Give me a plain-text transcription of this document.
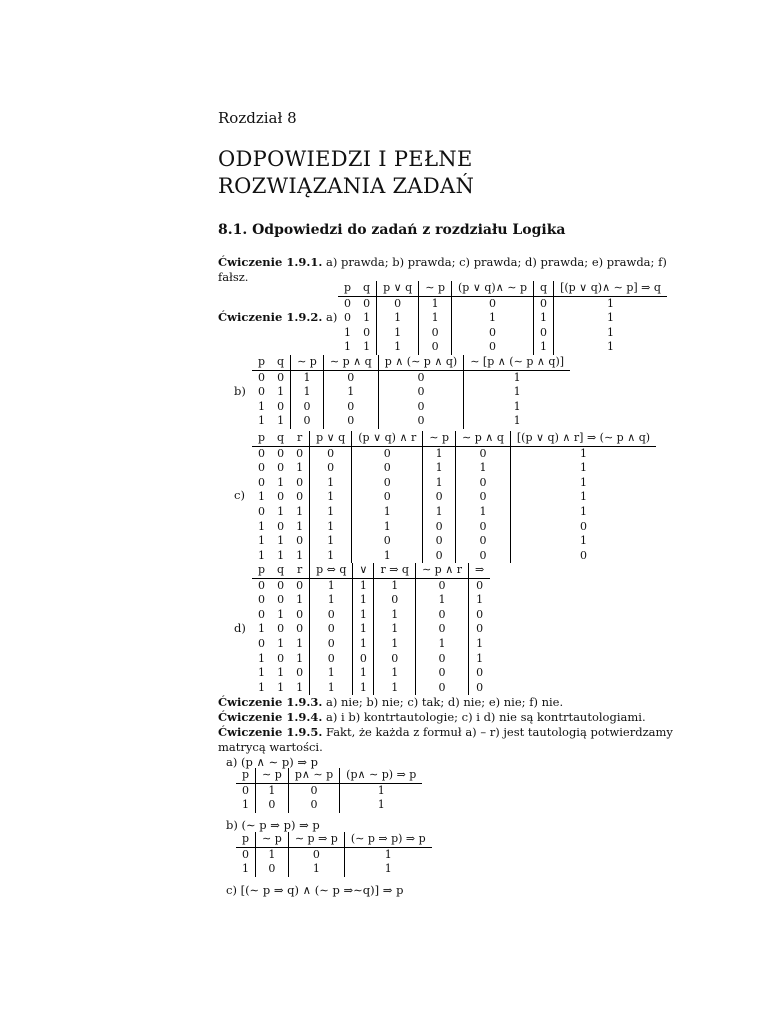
Rozdział 8
ODPOWIEDZI I PEŁNE
ROZWIĄZANIA ZADAŃ
8.1. Odpowiedzi do zadań z rozdziału Logika
Ćwiczenie 1.9.1. a) prawda; b) prawda; c) prawda; d) prawda; e) prawda; f)
fałsz.
Ćwiczenie 1.9.2. a)
p	q	p ∨ q	∼ p	(p ∨ q)∧ ∼ p	q	[(p ∨ q)∧ ∼ p] ⇒ q
0	0	0	1	0	0	1
0	1	1	1	1	1	1
1	0	1	0	0	0	1
1	1	1	0	0	1	1
b)
p	q	∼ p	∼ p ∧ q	p ∧ (∼ p ∧ q)	∼ [p ∧ (∼ p ∧ q)]
0	0	1	0	0	1
0	1	1	1	0	1
1	0	0	0	0	1
1	1	0	0	0	1
c)
p	q	r	p ∨ q	(p ∨ q) ∧ r	∼ p	∼ p ∧ q	[(p ∨ q) ∧ r] ⇒ (∼ p ∧ q)
0	0	0	0	0	1	0	1
0	0	1	0	0	1	1	1
0	1	0	1	0	1	0	1
1	0	0	1	0	0	0	1
0	1	1	1	1	1	1	1
1	0	1	1	1	0	0	0
1	1	0	1	0	0	0	1
1	1	1	1	1	0	0	0
d)
p	q	r	p ⇔ q	∨	r ⇒ q	∼ p ∧ r	⇒
0	0	0	1	1	1	0	0
0	0	1	1	1	0	1	1
0	1	0	0	1	1	0	0
1	0	0	0	1	1	0	0
0	1	1	0	1	1	1	1
1	0	1	0	0	0	0	1
1	1	0	1	1	1	0	0
1	1	1	1	1	1	0	0
Ćwiczenie 1.9.3. a) nie; b) nie; c) tak; d) nie; e) nie; f) nie.
Ćwiczenie 1.9.4. a) i b) kontrtautologie; c) i d) nie są kontrtautologiami.
Ćwiczenie 1.9.5. Fakt, że każda z formuł a) – r) jest tautologią potwierdzamy
matrycą wartości.
a) (p ∧ ∼ p) ⇒ p
p	∼ p	p∧ ∼ p	(p∧ ∼ p) ⇒ p
0	1	0	1
1	0	0	1
b) (∼ p ⇒ p) ⇒ p
p	∼ p	∼ p ⇒ p	(∼ p ⇒ p) ⇒ p
0	1	0	1
1	0	1	1
c) [(∼ p ⇒ q) ∧ (∼ p ⇒∼q)] ⇒ p
